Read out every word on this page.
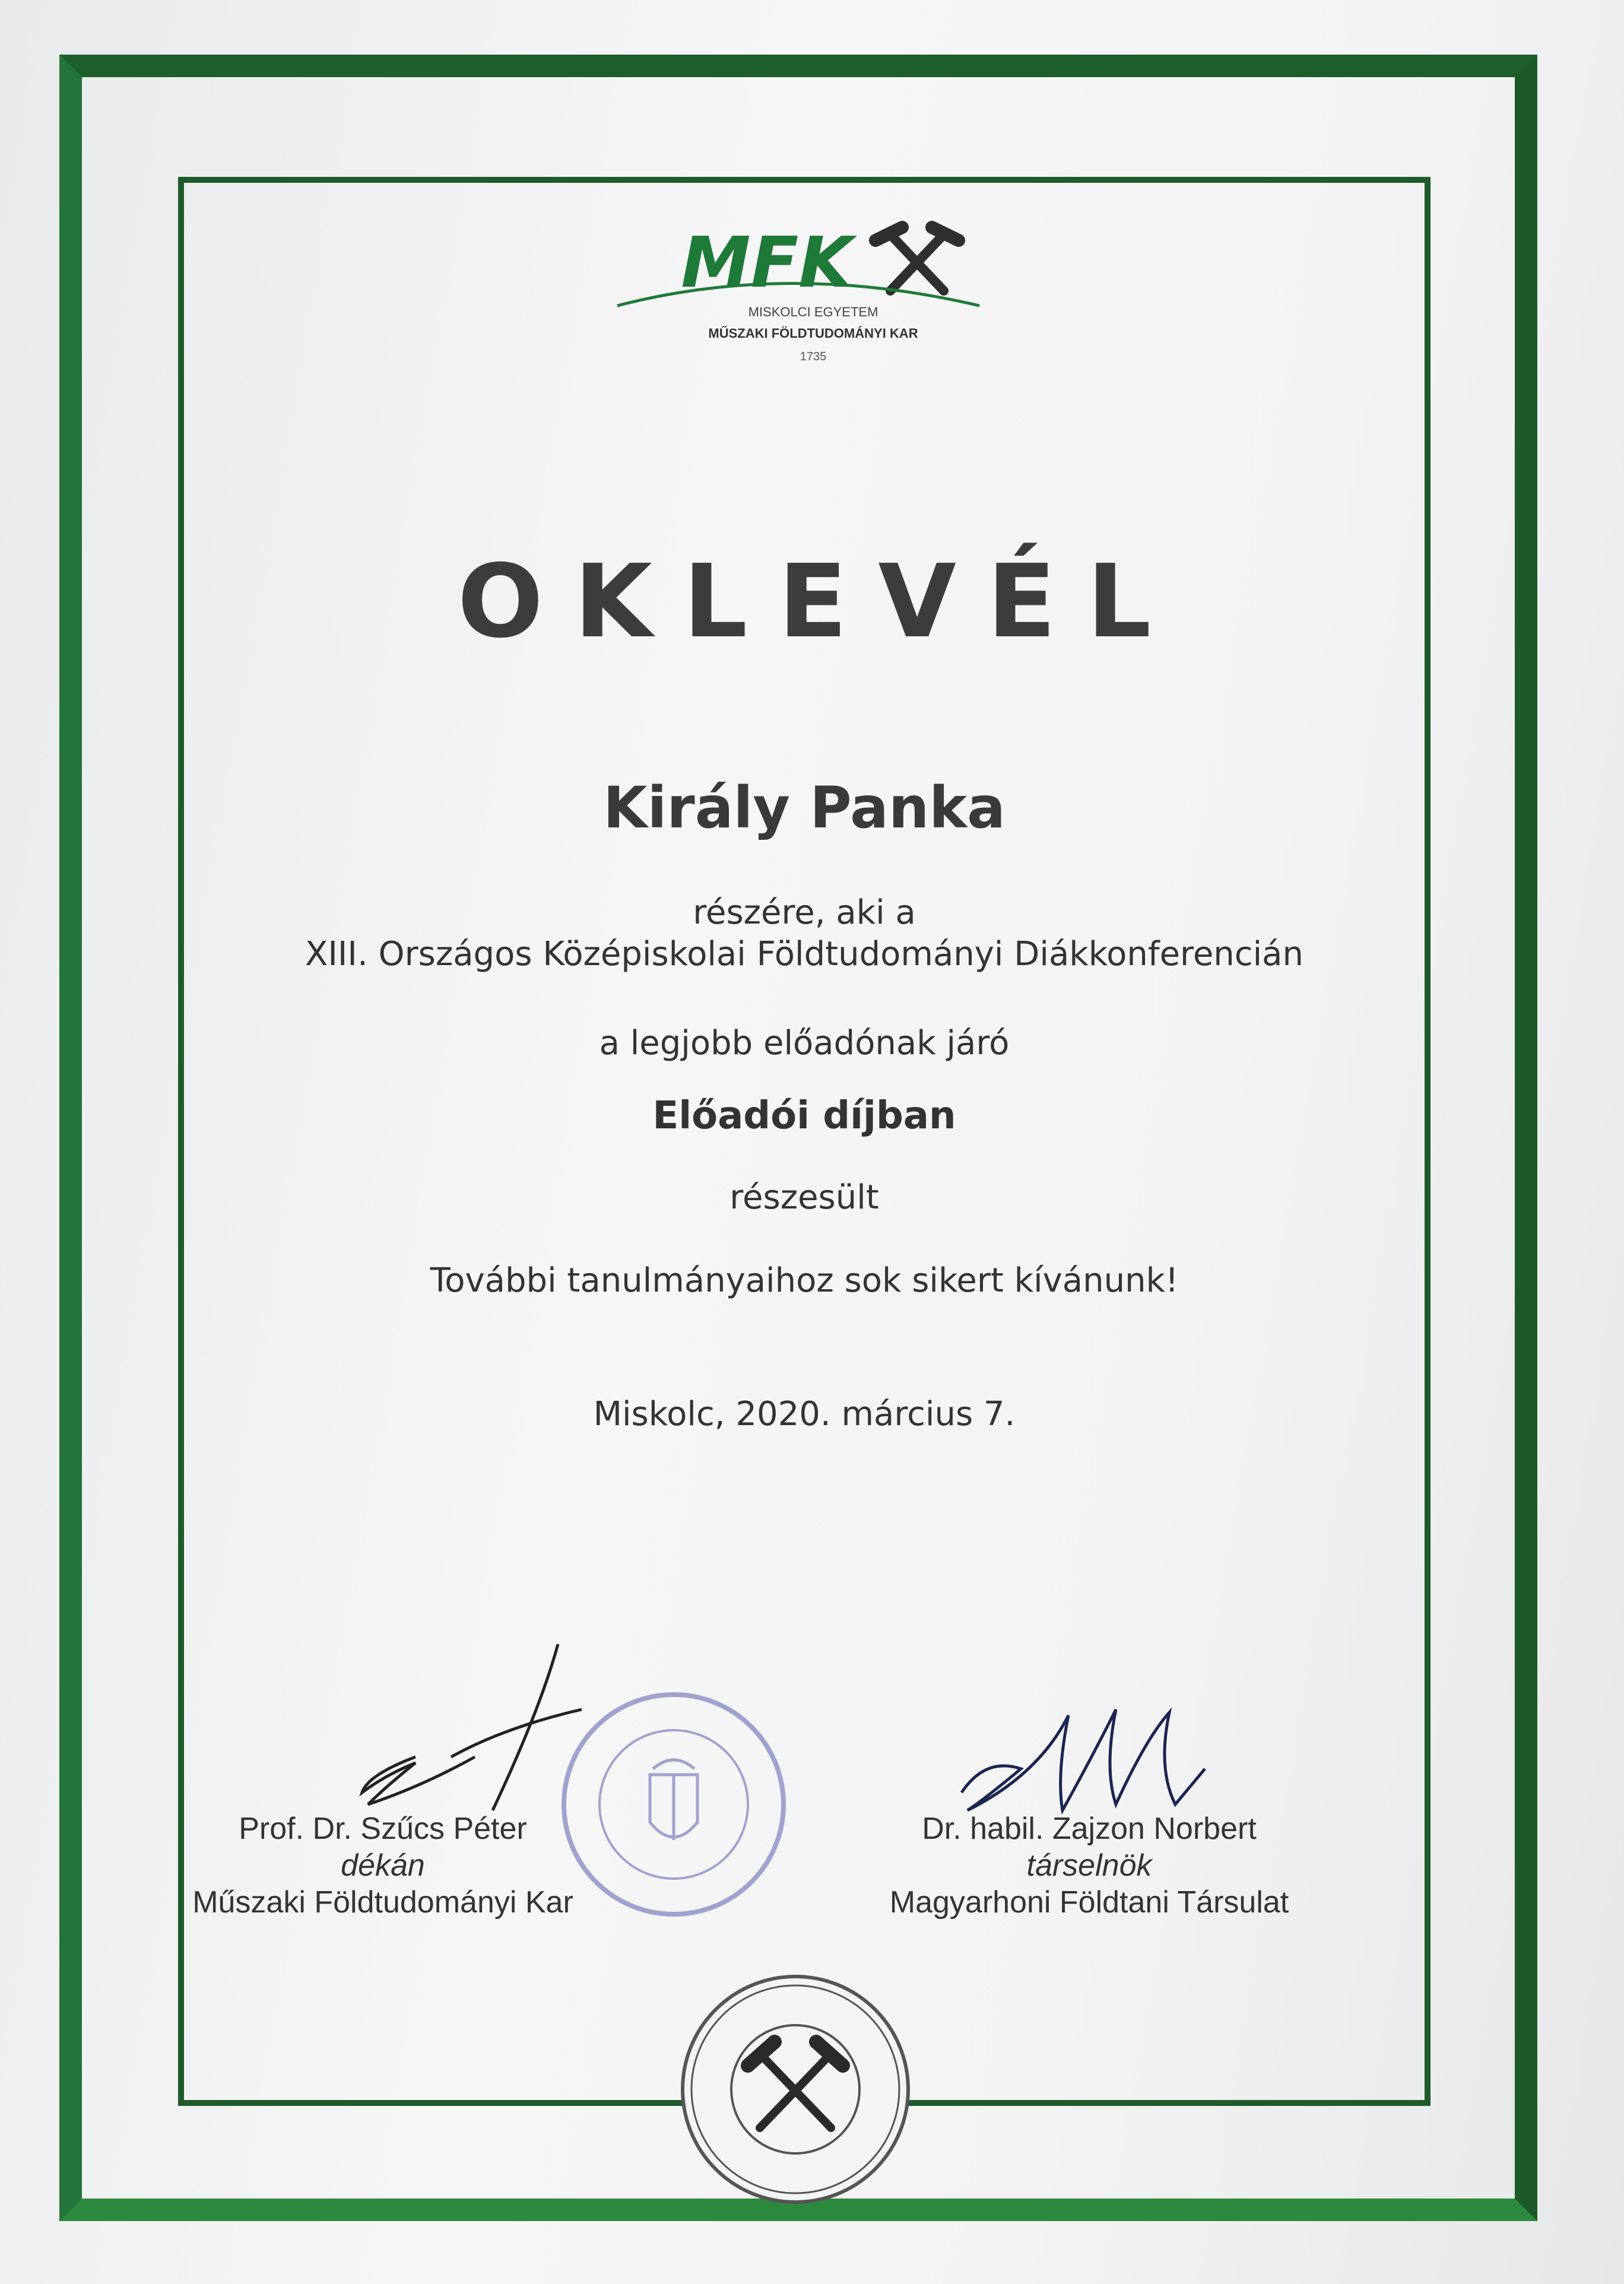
MFK
MISKOLCI EGYETEM
MŰSZAKI FÖLDTUDOMÁNYI KAR
1735
OKLEVÉL
Király Panka
részére, aki a
XIII. Országos Középiskolai Földtudományi Diákkonferencián
a legjobb előadónak járó
Előadói díjban
részesült
További tanulmányaihoz sok sikert kívánunk!
Miskolc, 2020. március 7.
Prof. Dr. Szűcs Péter
dékán
Műszaki Földtudományi Kar
Dr. habil. Zajzon Norbert
társelnök
Magyarhoni Földtani Társulat
